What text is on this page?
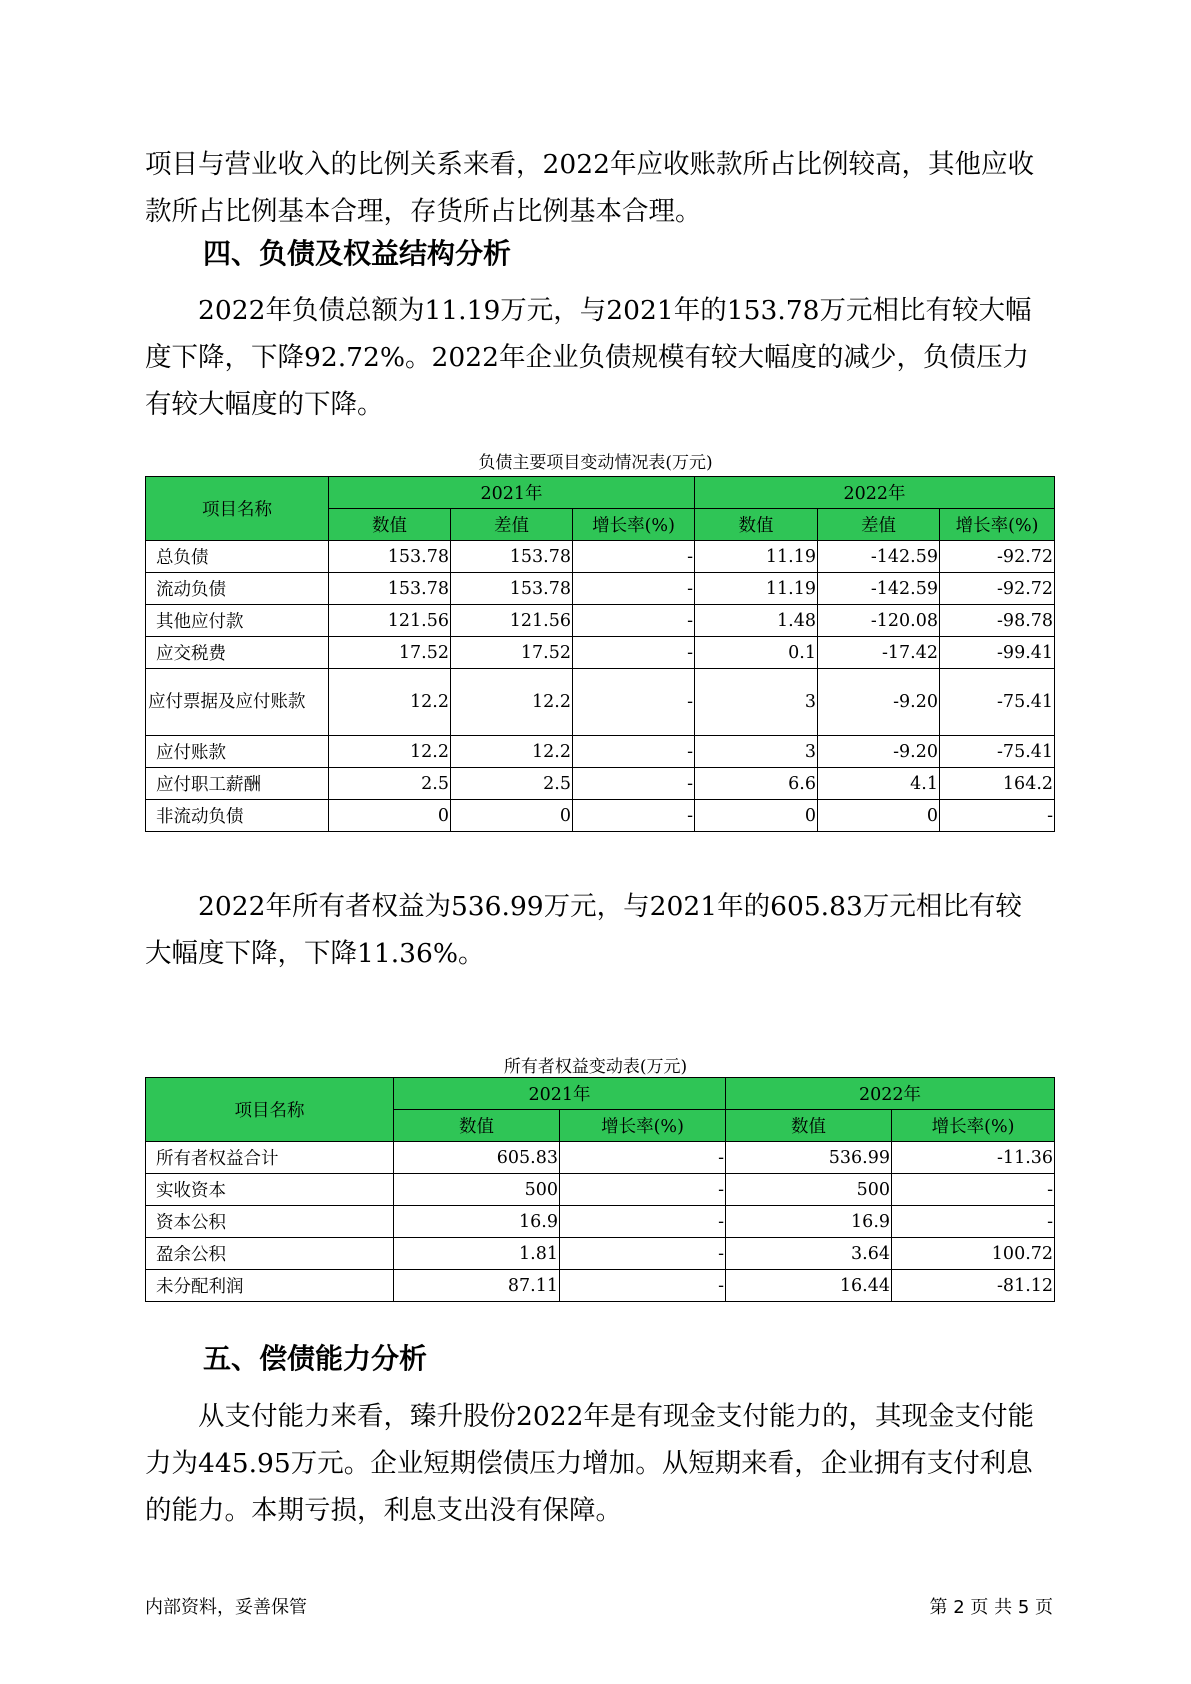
项目与营业收入的比例关系来看，2022年应收账款所占比例较高，其他应收款所占比例基本合理，存货所占比例基本合理。

四、负债及权益结构分析

2022年负债总额为11.19万元，与2021年的153.78万元相比有较大幅度下降，下降92.72%。2022年企业负债规模有较大幅度的减少，负债压力有较大幅度的下降。

负债主要项目变动情况表(万元)
项目名称	2021年			2022年		
	数值	差值	增长率(%)	数值	差值	增长率(%)
总负债	153.78	153.78	-	11.19	-142.59	-92.72
流动负债	153.78	153.78	-	11.19	-142.59	-92.72
其他应付款	121.56	121.56	-	1.48	-120.08	-98.78
应交税费	17.52	17.52	-	0.1	-17.42	-99.41
应付票据及应付账款	12.2	12.2	-	3	-9.20	-75.41
应付账款	12.2	12.2	-	3	-9.20	-75.41
应付职工薪酬	2.5	2.5	-	6.6	4.1	164.2
非流动负债	0	0	-	0	0	-

2022年所有者权益为536.99万元，与2021年的605.83万元相比有较大幅度下降，下降11.36%。

所有者权益变动表(万元)
项目名称	2021年		2022年	
	数值	增长率(%)	数值	增长率(%)
所有者权益合计	605.83	-	536.99	-11.36
实收资本	500	-	500	-
资本公积	16.9	-	16.9	-
盈余公积	1.81	-	3.64	100.72
未分配利润	87.11	-	16.44	-81.12
五、偿债能力分析

从支付能力来看，臻升股份2022年是有现金支付能力的，其现金支付能力为445.95万元。企业短期偿债压力增加。从短期来看，企业拥有支付利息的能力。本期亏损，利息支出没有保障。

内部资料，妥善保管	第 2 页 共 5 页
